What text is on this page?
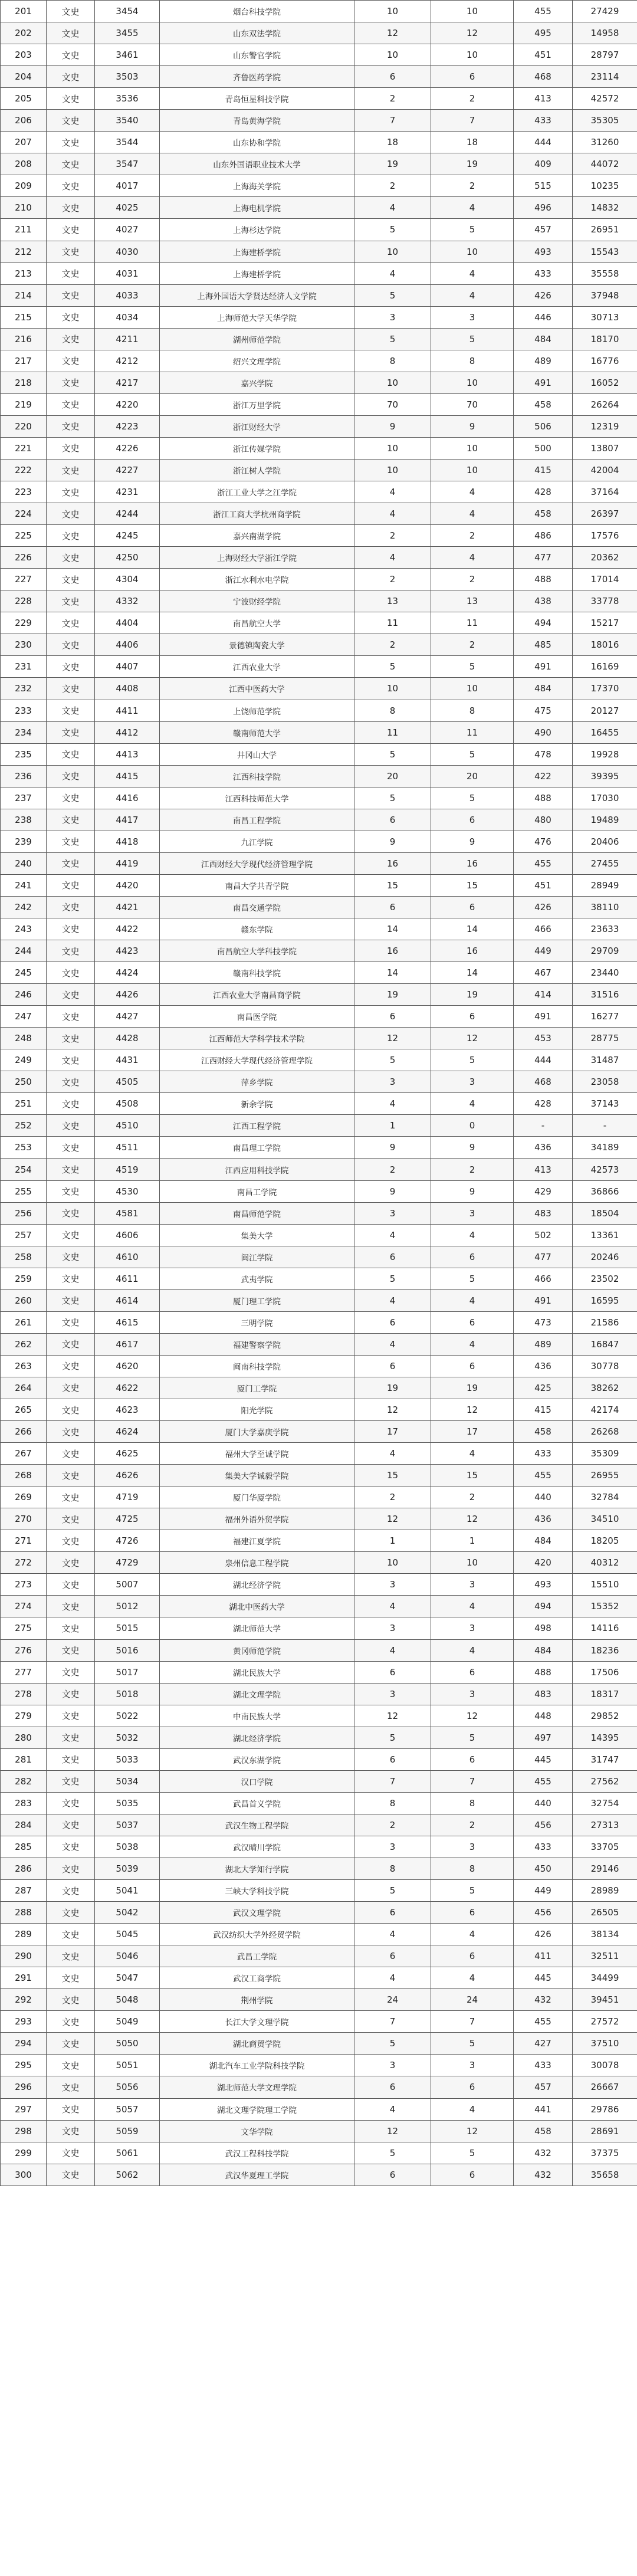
201	文史	3454	烟台科技学院	10	10	455	27429
202	文史	3455	山东双法学院	12	12	495	14958
203	文史	3461	山东警官学院	10	10	451	28797
204	文史	3503	齐鲁医药学院	6	6	468	23114
205	文史	3536	青岛恒星科技学院	2	2	413	42572
206	文史	3540	青岛黄海学院	7	7	433	35305
207	文史	3544	山东协和学院	18	18	444	31260
208	文史	3547	山东外国语职业技术大学	19	19	409	44072
209	文史	4017	上海海关学院	2	2	515	10235
210	文史	4025	上海电机学院	4	4	496	14832
211	文史	4027	上海杉达学院	5	5	457	26951
212	文史	4030	上海建桥学院	10	10	493	15543
213	文史	4031	上海建桥学院	4	4	433	35558
214	文史	4033	上海外国语大学贤达经济人文学院	5	4	426	37948
215	文史	4034	上海师范大学天华学院	3	3	446	30713
216	文史	4211	湖州师范学院	5	5	484	18170
217	文史	4212	绍兴文理学院	8	8	489	16776
218	文史	4217	嘉兴学院	10	10	491	16052
219	文史	4220	浙江万里学院	70	70	458	26264
220	文史	4223	浙江财经大学	9	9	506	12319
221	文史	4226	浙江传媒学院	10	10	500	13807
222	文史	4227	浙江树人学院	10	10	415	42004
223	文史	4231	浙江工业大学之江学院	4	4	428	37164
224	文史	4244	浙江工商大学杭州商学院	4	4	458	26397
225	文史	4245	嘉兴南湖学院	2	2	486	17576
226	文史	4250	上海财经大学浙江学院	4	4	477	20362
227	文史	4304	浙江水利水电学院	2	2	488	17014
228	文史	4332	宁波财经学院	13	13	438	33778
229	文史	4404	南昌航空大学	11	11	494	15217
230	文史	4406	景德镇陶瓷大学	2	2	485	18016
231	文史	4407	江西农业大学	5	5	491	16169
232	文史	4408	江西中医药大学	10	10	484	17370
233	文史	4411	上饶师范学院	8	8	475	20127
234	文史	4412	赣南师范大学	11	11	490	16455
235	文史	4413	井冈山大学	5	5	478	19928
236	文史	4415	江西科技学院	20	20	422	39395
237	文史	4416	江西科技师范大学	5	5	488	17030
238	文史	4417	南昌工程学院	6	6	480	19489
239	文史	4418	九江学院	9	9	476	20406
240	文史	4419	江西财经大学现代经济管理学院	16	16	455	27455
241	文史	4420	南昌大学共青学院	15	15	451	28949
242	文史	4421	南昌交通学院	6	6	426	38110
243	文史	4422	赣东学院	14	14	466	23633
244	文史	4423	南昌航空大学科技学院	16	16	449	29709
245	文史	4424	赣南科技学院	14	14	467	23440
246	文史	4426	江西农业大学南昌商学院	19	19	414	31516
247	文史	4427	南昌医学院	6	6	491	16277
248	文史	4428	江西师范大学科学技术学院	12	12	453	28775
249	文史	4431	江西财经大学现代经济管理学院	5	5	444	31487
250	文史	4505	萍乡学院	3	3	468	23058
251	文史	4508	新余学院	4	4	428	37143
252	文史	4510	江西工程学院	1	0	-	-
253	文史	4511	南昌理工学院	9	9	436	34189
254	文史	4519	江西应用科技学院	2	2	413	42573
255	文史	4530	南昌工学院	9	9	429	36866
256	文史	4581	南昌师范学院	3	3	483	18504
257	文史	4606	集美大学	4	4	502	13361
258	文史	4610	闽江学院	6	6	477	20246
259	文史	4611	武夷学院	5	5	466	23502
260	文史	4614	厦门理工学院	4	4	491	16595
261	文史	4615	三明学院	6	6	473	21586
262	文史	4617	福建警察学院	4	4	489	16847
263	文史	4620	闽南科技学院	6	6	436	30778
264	文史	4622	厦门工学院	19	19	425	38262
265	文史	4623	阳光学院	12	12	415	42174
266	文史	4624	厦门大学嘉庚学院	17	17	458	26268
267	文史	4625	福州大学至诚学院	4	4	433	35309
268	文史	4626	集美大学诚毅学院	15	15	455	26955
269	文史	4719	厦门华厦学院	2	2	440	32784
270	文史	4725	福州外语外贸学院	12	12	436	34510
271	文史	4726	福建江夏学院	1	1	484	18205
272	文史	4729	泉州信息工程学院	10	10	420	40312
273	文史	5007	湖北经济学院	3	3	493	15510
274	文史	5012	湖北中医药大学	4	4	494	15352
275	文史	5015	湖北师范大学	3	3	498	14116
276	文史	5016	黄冈师范学院	4	4	484	18236
277	文史	5017	湖北民族大学	6	6	488	17506
278	文史	5018	湖北文理学院	3	3	483	18317
279	文史	5022	中南民族大学	12	12	448	29852
280	文史	5032	湖北经济学院	5	5	497	14395
281	文史	5033	武汉东湖学院	6	6	445	31747
282	文史	5034	汉口学院	7	7	455	27562
283	文史	5035	武昌首义学院	8	8	440	32754
284	文史	5037	武汉生物工程学院	2	2	456	27313
285	文史	5038	武汉晴川学院	3	3	433	33705
286	文史	5039	湖北大学知行学院	8	8	450	29146
287	文史	5041	三峡大学科技学院	5	5	449	28989
288	文史	5042	武汉文理学院	6	6	456	26505
289	文史	5045	武汉纺织大学外经贸学院	4	4	426	38134
290	文史	5046	武昌工学院	6	6	411	32511
291	文史	5047	武汉工商学院	4	4	445	34499
292	文史	5048	荆州学院	24	24	432	39451
293	文史	5049	长江大学文理学院	7	7	455	27572
294	文史	5050	湖北商贸学院	5	5	427	37510
295	文史	5051	湖北汽车工业学院科技学院	3	3	433	30078
296	文史	5056	湖北师范大学文理学院	6	6	457	26667
297	文史	5057	湖北文理学院理工学院	4	4	441	29786
298	文史	5059	文华学院	12	12	458	28691
299	文史	5061	武汉工程科技学院	5	5	432	37375
300	文史	5062	武汉华夏理工学院	6	6	432	35658
